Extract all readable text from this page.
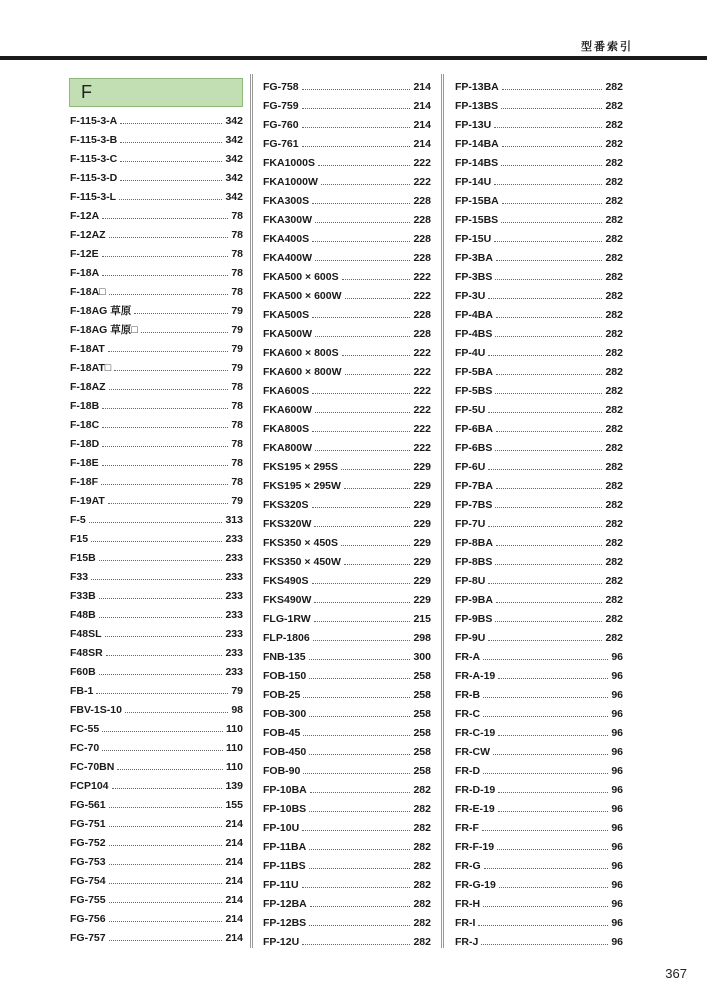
型番索引
F
F-115-3-A	342
F-115-3-B	342
F-115-3-C	342
F-115-3-D	342
F-115-3-L	342
F-12A	78
F-12AZ	78
F-12E	78
F-18A	78
F-18A□	78
F-18AG 草原	79
F-18AG 草原□	79
F-18AT	79
F-18AT□	79
F-18AZ	78
F-18B	78
F-18C	78
F-18D	78
F-18E	78
F-18F	78
F-19AT	79
F-5	313
F15	233
F15B	233
F33	233
F33B	233
F48B	233
F48SL	233
F48SR	233
F60B	233
FB-1	79
FBV-1S-10	98
FC-55	110
FC-70	110
FC-70BN	110
FCP104	139
FG-561	155
FG-751	214
FG-752	214
FG-753	214
FG-754	214
FG-755	214
FG-756	214
FG-757	214
FG-758	214
FG-759	214
FG-760	214
FG-761	214
FKA1000S	222
FKA1000W	222
FKA300S	228
FKA300W	228
FKA400S	228
FKA400W	228
FKA500 × 600S	222
FKA500 × 600W	222
FKA500S	228
FKA500W	228
FKA600 × 800S	222
FKA600 × 800W	222
FKA600S	222
FKA600W	222
FKA800S	222
FKA800W	222
FKS195 × 295S	229
FKS195 × 295W	229
FKS320S	229
FKS320W	229
FKS350 × 450S	229
FKS350 × 450W	229
FKS490S	229
FKS490W	229
FLG-1RW	215
FLP-1806	298
FNB-135	300
FOB-150	258
FOB-25	258
FOB-300	258
FOB-45	258
FOB-450	258
FOB-90	258
FP-10BA	282
FP-10BS	282
FP-10U	282
FP-11BA	282
FP-11BS	282
FP-11U	282
FP-12BA	282
FP-12BS	282
FP-12U	282
FP-13BA	282
FP-13BS	282
FP-13U	282
FP-14BA	282
FP-14BS	282
FP-14U	282
FP-15BA	282
FP-15BS	282
FP-15U	282
FP-3BA	282
FP-3BS	282
FP-3U	282
FP-4BA	282
FP-4BS	282
FP-4U	282
FP-5BA	282
FP-5BS	282
FP-5U	282
FP-6BA	282
FP-6BS	282
FP-6U	282
FP-7BA	282
FP-7BS	282
FP-7U	282
FP-8BA	282
FP-8BS	282
FP-8U	282
FP-9BA	282
FP-9BS	282
FP-9U	282
FR-A	96
FR-A-19	96
FR-B	96
FR-C	96
FR-C-19	96
FR-CW	96
FR-D	96
FR-D-19	96
FR-E-19	96
FR-F	96
FR-F-19	96
FR-G	96
FR-G-19	96
FR-H	96
FR-I	96
FR-J	96
367
